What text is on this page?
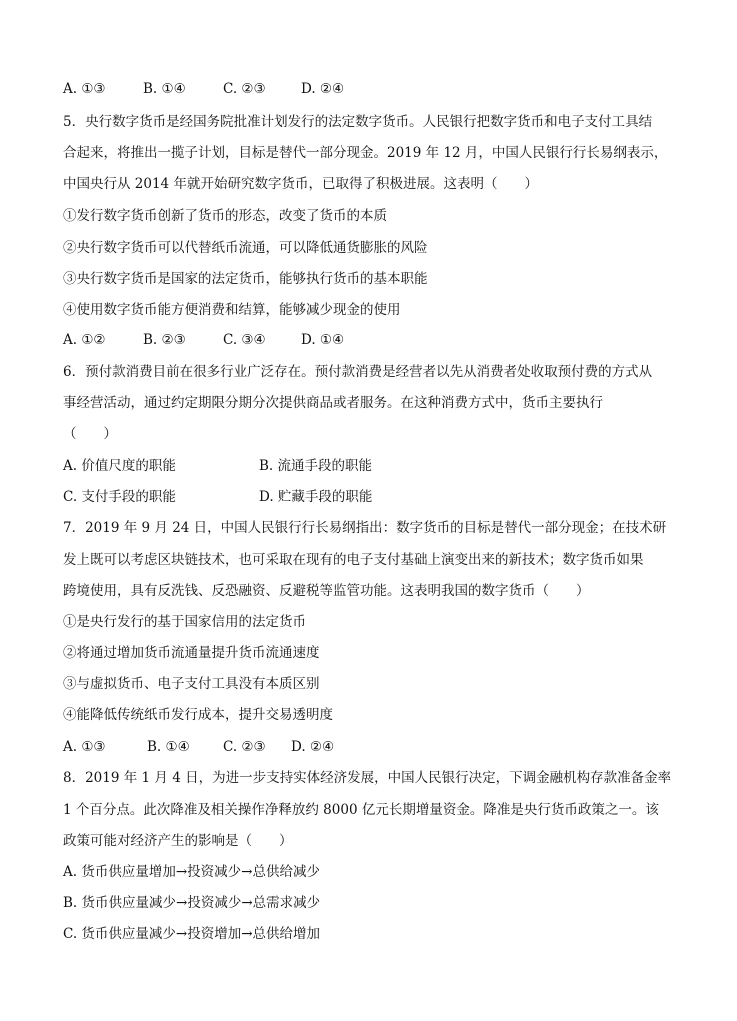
A. ①③	B. ①④	C. ②③	D. ②④
5．央行数字货币是经国务院批准计划发行的法定数字货币。人民银行把数字货币和电子支付工具结
合起来，将推出一揽子计划，目标是替代一部分现金。2019 年 12 月，中国人民银行行长易纲表示，
中国央行从 2014 年就开始研究数字货币，已取得了积极进展。这表明（　　）
①发行数字货币创新了货币的形态，改变了货币的本质
②央行数字货币可以代替纸币流通，可以降低通货膨胀的风险
③央行数字货币是国家的法定货币，能够执行货币的基本职能
④使用数字货币能方便消费和结算，能够减少现金的使用
A. ①②	B. ②③	C. ③④	D. ①④
6．预付款消费目前在很多行业广泛存在。预付款消费是经营者以先从消费者处收取预付费的方式从
事经营活动，通过约定期限分期分次提供商品或者服务。在这种消费方式中，货币主要执行
（　　）
A. 价值尺度的职能	B. 流通手段的职能
C. 支付手段的职能	D. 贮藏手段的职能
7．2019 年 9 月 24 日，中国人民银行行长易纲指出：数字货币的目标是替代一部分现金；在技术研
发上既可以考虑区块链技术，也可采取在现有的电子支付基础上演变出来的新技术；数字货币如果
跨境使用，具有反洗钱、反恐融资、反避税等监管功能。这表明我国的数字货币（　　）
①是央行发行的基于国家信用的法定货币
②将通过增加货币流通量提升货币流通速度
③与虚拟货币、电子支付工具没有本质区别
④能降低传统纸币发行成本，提升交易透明度
A. ①③	B. ①④ C. ②③ D. ②④
8．2019 年 1 月 4 日，为进一步支持实体经济发展，中国人民银行决定，下调金融机构存款准备金率
1 个百分点。此次降准及相关操作净释放约 8000 亿元长期增量资金。降准是央行货币政策之一。该
政策可能对经济产生的影响是（　　）
A. 货币供应量增加→投资减少→总供给减少
B. 货币供应量减少→投资减少→总需求减少
C. 货币供应量减少→投资增加→总供给增加
